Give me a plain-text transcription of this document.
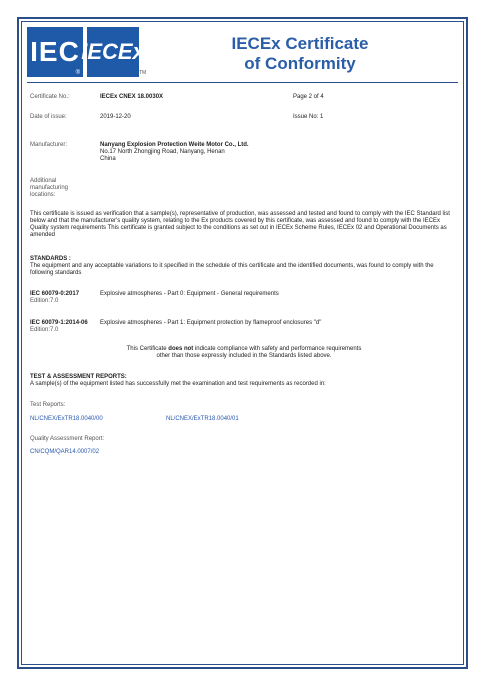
IEC
®
IECEx
TM
IECEx Certificate
of Conformity
Certificate No.:	IECEx CNEX 18.0030X	Page 2 of 4
Date of issue:	2019-12-20	Issue No: 1
Manufacturer:	Nanyang Explosion Protection Weite Motor Co., Ltd.
No.17 North Zhongjing Road, Nanyang, Henan
China
Additional
manufacturing
locations:
This certificate is issued as verification that a sample(s), representative of production, was assessed and tested and found to comply with the IEC Standard list below and that the manufacturer's quality system, relating to the Ex products covered by this certificate, was assessed and found to comply with the IECEx Quality system requirements This certificate is granted subject to the conditions as set out in IECEx Scheme Rules, IECEx 02 and Operational Documents as amended
STANDARDS :
The equipment and any acceptable variations to it specified in the schedule of this certificate and the identified documents, was found to comply with the following standards
IEC 60079-0:2017
Edition:7.0
Explosive atmospheres - Part 0: Equipment - General requirements
IEC 60079-1:2014-06
Edition:7.0
Explosive atmospheres - Part 1: Equipment protection by flameproof enclosures "d"
This Certificate does not indicate compliance with safety and performance requirements
other than those expressly included in the Standards listed above.
TEST & ASSESSMENT REPORTS:
A sample(s) of the equipment listed has successfully met the examination and test requirements as recorded in:
Test Reports:
NL/CNEX/ExTR18.0040/00	NL/CNEX/ExTR18.0040/01
Quality Assessment Report:
CN/CQM/QAR14.0007/02
